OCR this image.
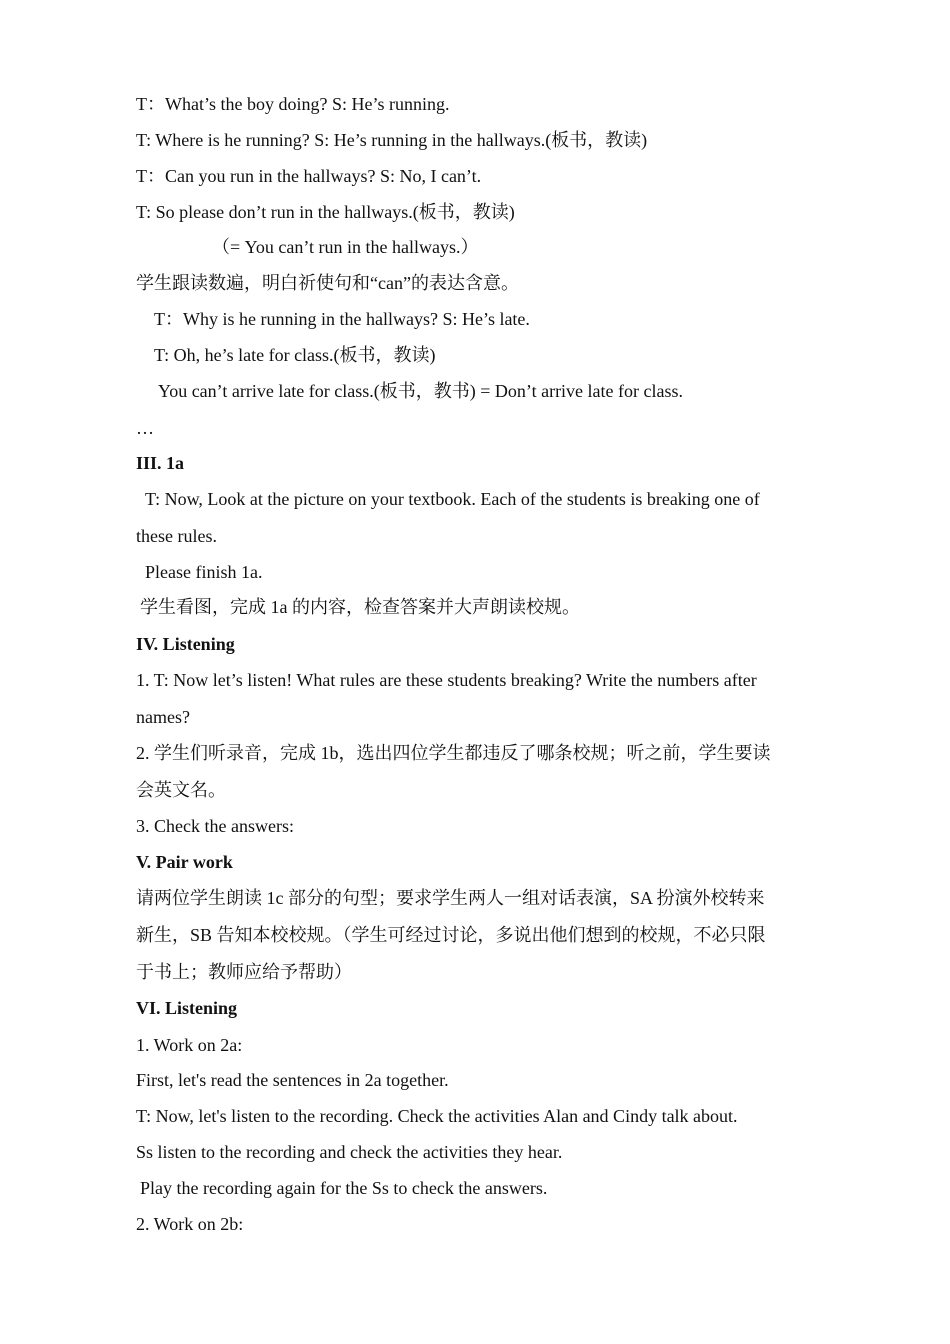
T：What’s the boy doing? S: He’s running.
T: Where is he running? S: He’s running in the hallways.(板书，教读)
T：Can you run in the hallways? S: No, I can’t.
T: So please don’t run in the hallways.(板书，教读)
（= You can’t run in the hallways.）
学生跟读数遍，明白祈使句和“can”的表达含意。
T：Why is he running in the hallways? S: He’s late.
T: Oh, he’s late for class.(板书，教读)
You can’t arrive late for class.(板书，教书) = Don’t arrive late for class.
…
III. 1a
T: Now, Look at the picture on your textbook. Each of the students is breaking one of
these rules.
Please finish 1a.
学生看图，完成 1a 的内容，检查答案并大声朗读校规。
IV. Listening
1. T: Now let’s listen! What rules are these students breaking? Write the numbers after
names?
2. 学生们听录音，完成 1b，选出四位学生都违反了哪条校规；听之前，学生要读
会英文名。
3. Check the answers:
V. Pair work
请两位学生朗读 1c 部分的句型；要求学生两人一组对话表演，SA 扮演外校转来
新生，SB 告知本校校规。（学生可经过讨论，多说出他们想到的校规，不必只限
于书上；教师应给予帮助）
VI. Listening
1. Work on 2a:
First, let's read the sentences in 2a together.
T: Now, let's listen to the recording. Check the activities Alan and Cindy talk about.
Ss listen to the recording and check the activities they hear.
Play the recording again for the Ss to check the answers.
2. Work on 2b:
